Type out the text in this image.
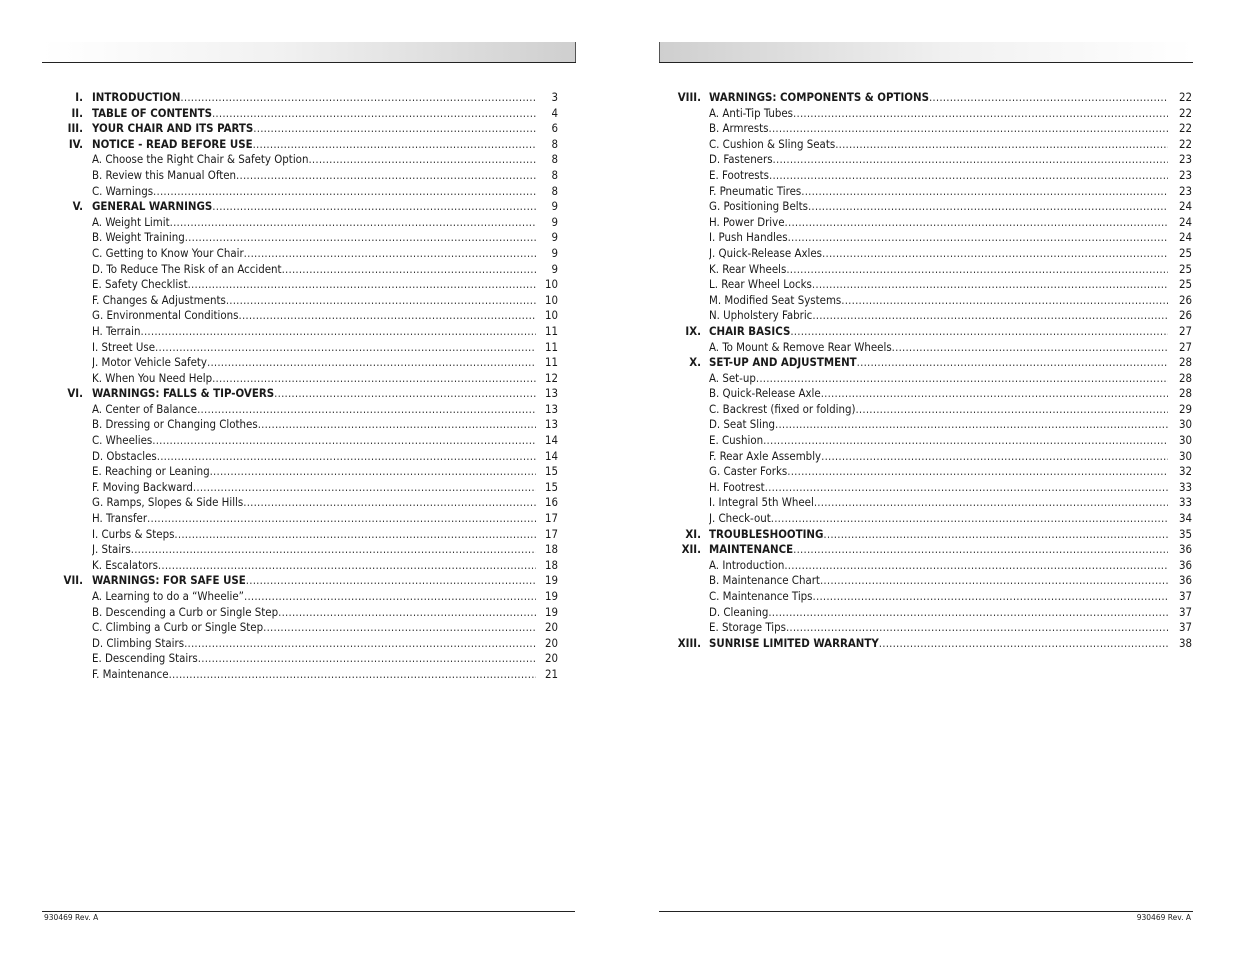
I. INTRODUCTION .....	3
II. TABLE OF CONTENTS .....	4
III. YOUR CHAIR AND ITS PARTS .....	6
IV. NOTICE - READ BEFORE USE .....	8
A. Choose the Right Chair & Safety Option .....	8
B. Review this Manual Often .....	8
C. Warnings .....	8
V. GENERAL WARNINGS .....	9
A. Weight Limit .....	9
B. Weight Training .....	9
C. Getting to Know Your Chair .....	9
D. To Reduce The Risk of an Accident .....	9
E. Safety Checklist .....	10
F. Changes & Adjustments .....	10
G. Environmental Conditions .....	10
H. Terrain .....	11
I. Street Use .....	11
J. Motor Vehicle Safety .....	11
K. When You Need Help .....	12
VI. WARNINGS: FALLS & TIP-OVERS .....	13
A. Center of Balance .....	13
B. Dressing or Changing Clothes .....	13
C. Wheelies .....	14
D. Obstacles .....	14
E. Reaching or Leaning .....	15
F. Moving Backward .....	15
G. Ramps, Slopes & Side Hills .....	16
H. Transfer .....	17
I. Curbs & Steps .....	17
J. Stairs .....	18
K. Escalators .....	18
VII. WARNINGS: FOR SAFE USE .....	19
A. Learning to do a “Wheelie” .....	19
B. Descending a Curb or Single Step .....	19
C. Climbing a Curb or Single Step .....	20
D. Climbing Stairs .....	20
E. Descending Stairs .....	20
F. Maintenance .....	21
930469 Rev. A
VIII. WARNINGS: COMPONENTS & OPTIONS .....	22
A. Anti-Tip Tubes .....	22
B. Armrests .....	22
C. Cushion & Sling Seats .....	22
D. Fasteners .....	23
E. Footrests .....	23
F. Pneumatic Tires .....	23
G. Positioning Belts .....	24
H. Power Drive .....	24
I. Push Handles .....	24
J. Quick-Release Axles .....	25
K. Rear Wheels .....	25
L. Rear Wheel Locks .....	25
M. Modified Seat Systems .....	26
N. Upholstery Fabric .....	26
IX. CHAIR BASICS .....	27
A. To Mount & Remove Rear Wheels .....	27
X. SET-UP AND ADJUSTMENT .....	28
A. Set-up .....	28
B. Quick-Release Axle .....	28
C. Backrest (fixed or folding) .....	29
D. Seat Sling .....	30
E. Cushion .....	30
F. Rear Axle Assembly .....	30
G. Caster Forks .....	32
H. Footrest .....	33
I. Integral 5th Wheel .....	33
J. Check-out .....	34
XI. TROUBLESHOOTING .....	35
XII. MAINTENANCE .....	36
A. Introduction .....	36
B. Maintenance Chart .....	36
C. Maintenance Tips .....	37
D. Cleaning .....	37
E. Storage Tips .....	37
XIII. SUNRISE LIMITED WARRANTY .....	38
930469 Rev. A
